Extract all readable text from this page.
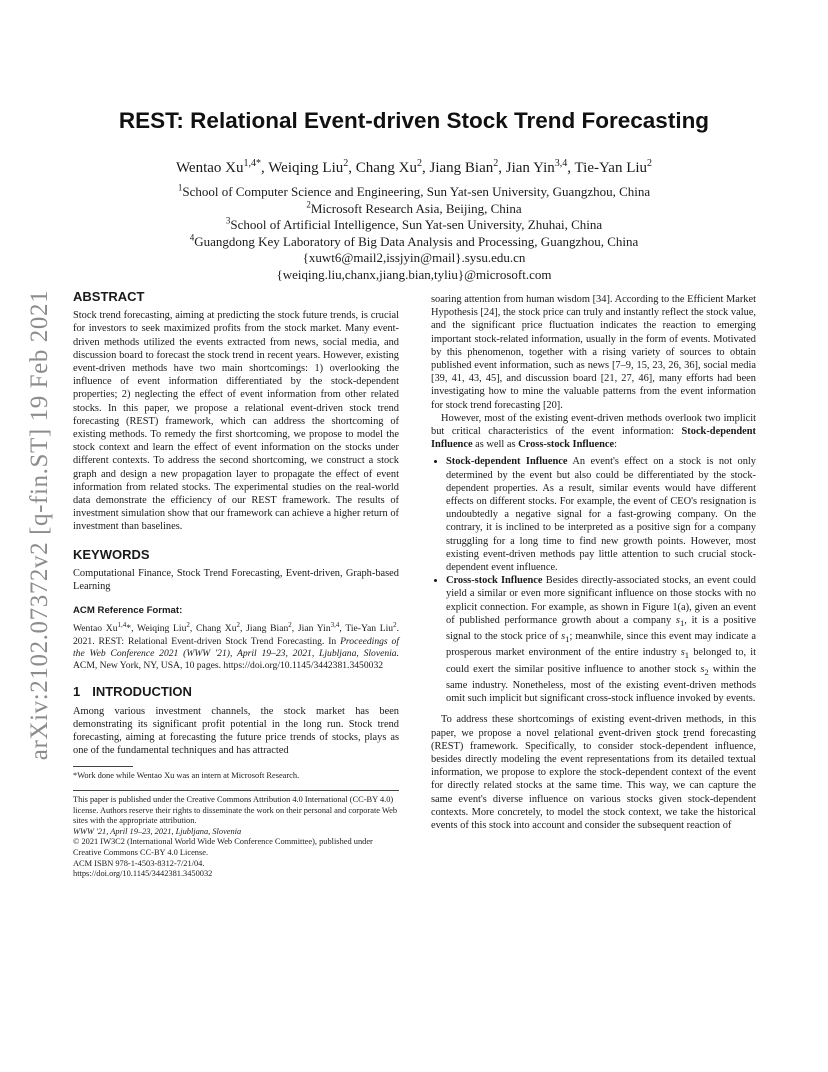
arXiv:2102.07372v2 [q-fin.ST] 19 Feb 2021
REST: Relational Event-driven Stock Trend Forecasting
Wentao $Xu^{1,4*}$, Weiqing Liu$^2$, Chang Xu$^2$, Jiang Bian$^2$, Jian Yin$^{3,4}$, Tie-Yan Liu$^2$
$^1$School of Computer Science and Engineering, Sun Yat-sen University, Guangzhou, China
$^2$Microsoft Research Asia, Beijing, China
$^3$School of Artificial Intelligence, Sun Yat-sen University, Zhuhai, China
$^4$Guangdong Key Laboratory of Big Data Analysis and Processing, Guangzhou, China
{xuwt6@mail2,issjyin@mail}.sysu.edu.cn
{weiqing.liu,chanx,jiang.bian,tyliu}@microsoft.com
ABSTRACT

Stock trend forecasting, aiming at predicting the stock future trends, is crucial for investors to seek maximized profits from the stock market. Many event-driven methods utilized the events extracted from news, social media, and discussion board to forecast the stock trend in recent years. However, existing event-driven methods have two main shortcomings: 1) overlooking the influence of event information differentiated by the stock-dependent properties; 2) neglecting the effect of event information from other related stocks. In this paper, we propose a relational event-driven stock trend forecasting (REST) framework, which can address the shortcoming of existing methods. To remedy the first shortcoming, we propose to model the stock context and learn the effect of event information on the stocks under different contexts. To address the second shortcoming, we construct a stock graph and design a new propagation layer to propagate the effect of event information from related stocks. The experimental studies on the real-world data demonstrate the efficiency of our REST framework. The results of investment simulation show that our framework can achieve a higher return of investment than baselines.

KEYWORDS

Computational Finance, Stock Trend Forecasting, Event-driven, Graph-based Learning

ACM Reference Format:

Wentao Xu$^{1,4}$*, Weiqing Liu$^2$, Chang Xu$^2$, Jiang Bian$^2$, Jian Yin$^{3,4}$, Tie-Yan Liu$^2$. 2021. REST: Relational Event-driven Stock Trend Forecasting. In Proceedings of the Web Conference 2021 (WWW '21), April 19–23, 2021, Ljubljana, Slovenia. ACM, New York, NY, USA, 10 pages. https://doi.org/10.1145/3442381.3450032

1 INTRODUCTION

Among various investment channels, the stock market has been demonstrating its significant profit potential in the long run. Stock trend forecasting, aiming at forecasting the future price trends of stocks, plays as one of the fundamental techniques and has attracted

*Work done while Wentao Xu was an intern at Microsoft Research.

This paper is published under the Creative Commons Attribution 4.0 International (CC-BY 4.0) license. Authors reserve their rights to disseminate the work on their personal and corporate Web sites with the appropriate attribution.

WWW '21, April 19–23, 2021, Ljubljana, Slovenia

© 2021 IW3C2 (International World Wide Web Conference Committee), published under Creative Commons CC-BY 4.0 License.

ACM ISBN 978-1-4503-8312-7/21/04.

https://doi.org/10.1145/3442381.3450032

soaring attention from human wisdom [34]. According to the Efficient Market Hypothesis [24], the stock price can truly and instantly reflect the stock value, and the significant price fluctuation indicates the reaction to emerging important stock-related information, usually in the form of events. Motivated by this phenomenon, together with a rising variety of sources to obtain published event information, such as news [7–9, 15, 23, 26, 36], social media [39, 41, 43, 45], and discussion board [21, 27, 46], many efforts had been investigating how to mine the valuable patterns from the event information for stock trend forecasting [20].

However, most of the existing event-driven methods overlook two implicit but critical characteristics of the event information: Stock-dependent Influence as well as Cross-stock Influence:

• Stock-dependent Influence An event's effect on a stock is not only determined by the event but also could be differentiated by the stock-dependent properties. As a result, similar events would have different effects on different stocks. For example, the event of CEO's resignation is undoubtedly a negative signal for a fast-growing company. On the contrary, it is inclined to be interpreted as a positive sign for a company struggling for a long time to find new growth points. However, most existing event-driven methods pay little attention to such crucial stock-dependent event influence.
• Cross-stock Influence Besides directly-associated stocks, an event could yield a similar or even more significant influence on those stocks with no explicit connection. For example, as shown in Figure 1(a), given an event of published performance growth about a company $s_1$, it is a positive signal to the stock price of $s_1$; meanwhile, since this event may indicate a prosperous market environment of the entire industry $s_1$ belonged to, it could exert the similar positive influence to another stock $s_2$ within the same industry. Nonetheless, most of the existing event-driven methods omit such implicit but significant cross-stock influence invoked by events.

To address these shortcomings of existing event-driven methods, in this paper, we propose a novel relational event-driven stock trend forecasting (REST) framework. Specifically, to consider stock-dependent influence, besides directly modeling the event representations from its detailed textual information, we propose to explore the stock-dependent context of the event for directly related stocks at the same time. This way, we can capture the same event's diverse influence on various stocks given stock-dependent contexts. More concretely, to model the stock context, we take the historical events of this stock into account and consider the subsequent reaction of
